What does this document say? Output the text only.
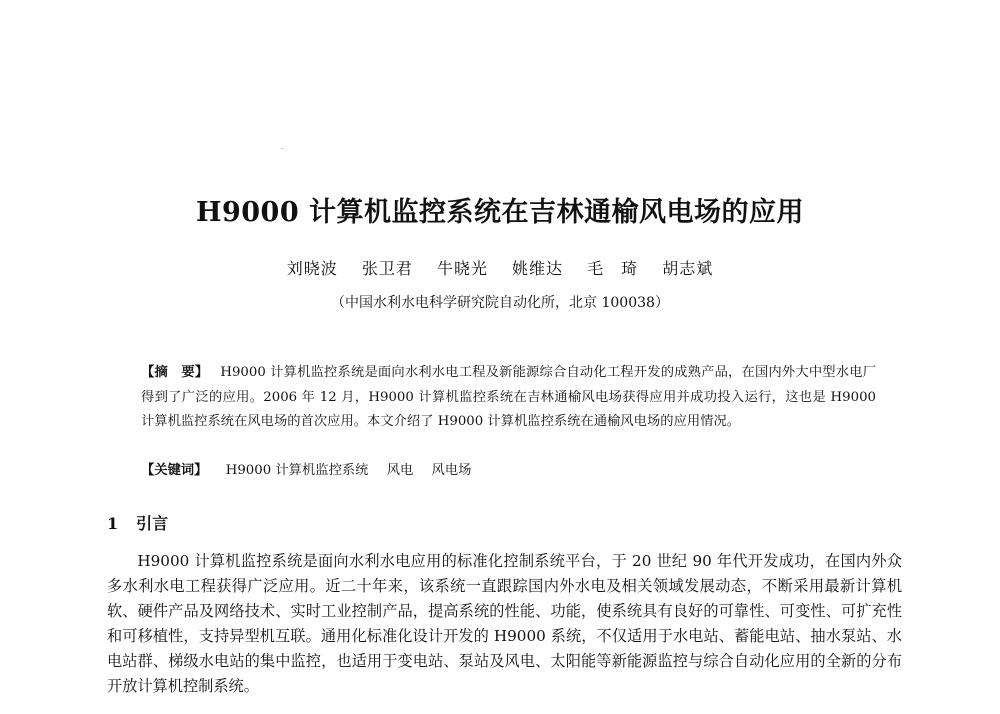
H9000 计算机监控系统在吉林通榆风电场的应用
刘晓波 张卫君 牛晓光 姚维达 毛　琦 胡志斌
（中国水利水电科学研究院自动化所，北京 100038）
【摘　要】 H9000 计算机监控系统是面向水利水电工程及新能源综合自动化工程开发的成熟产品，在国内外大中型水电厂得到了广泛的应用。2006 年 12 月，H9000 计算机监控系统在吉林通榆风电场获得应用并成功投入运行，这也是 H9000 计算机监控系统在风电场的首次应用。本文介绍了 H9000 计算机监控系统在通榆风电场的应用情况。
【关键词】 H9000 计算机监控系统 风电 风电场
1 引言
H9000 计算机监控系统是面向水利水电应用的标准化控制系统平台，于 20 世纪 90 年代开发成功，在国内外众多水利水电工程获得广泛应用。近二十年来，该系统一直跟踪国内外水电及相关领域发展动态，不断采用最新计算机软、硬件产品及网络技术、实时工业控制产品，提高系统的性能、功能，使系统具有良好的可靠性、可变性、可扩充性和可移植性，支持异型机互联。通用化标准化设计开发的 H9000 系统，不仅适用于水电站、蓄能电站、抽水泵站、水电站群、梯级水电站的集中监控，也适用于变电站、泵站及风电、太阳能等新能源监控与综合自动化应用的全新的分布开放计算机控制系统。
